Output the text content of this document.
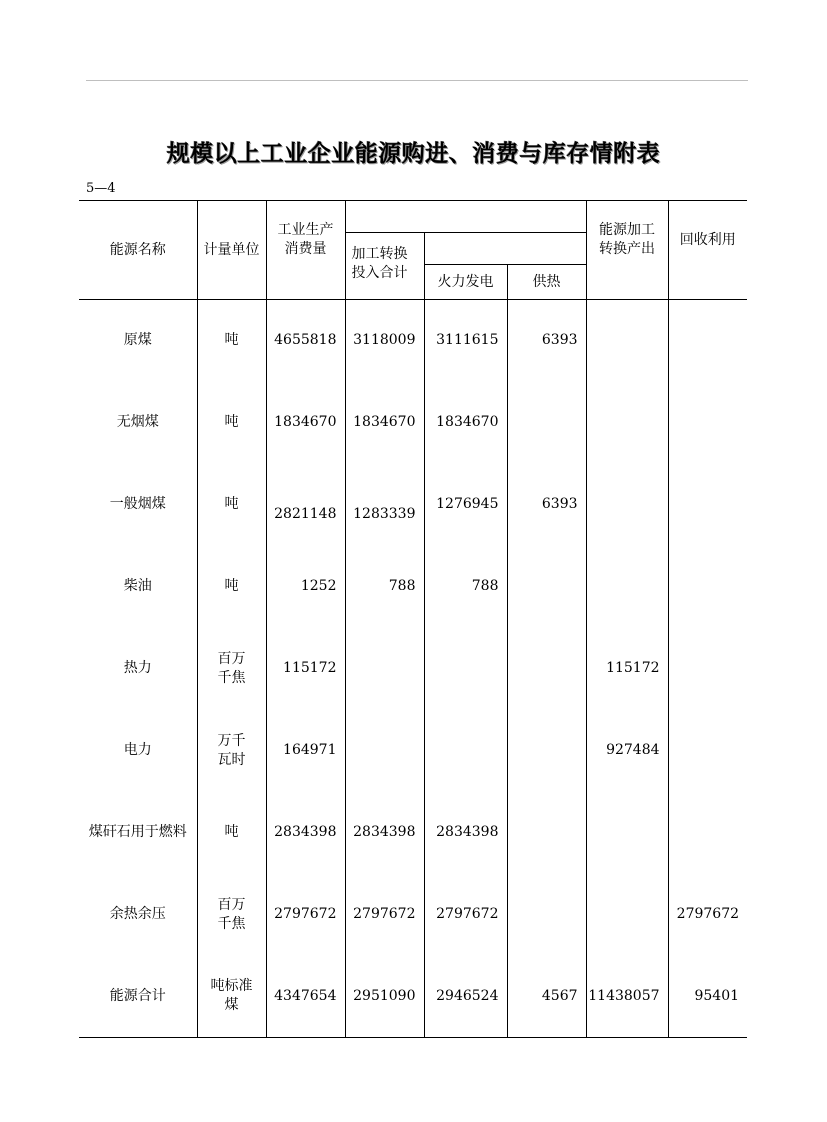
规模以上工业企业能源购进、消费与库存情附表
5—4
能源名称	计量单位	工业生产消费量				能源加工转换产出	回收利用

			加工转换投入合计				

				火力发电	供热		
原煤	吨	4655818	3118009	3111615	6393		
无烟煤	吨	1834670	1834670	1834670			
一般烟煤	吨	2821148	1283339	1276945	6393		
柴油	吨	1252	788	788			
热力	百万千焦	115172				115172	
电力	万千瓦时	164971				927484	
煤矸石用于燃料	吨	2834398	2834398	2834398			
余热余压	百万千焦	2797672	2797672	2797672			2797672
能源合计	吨标准煤	4347654	2951090	2946524	4567	11438057	95401
